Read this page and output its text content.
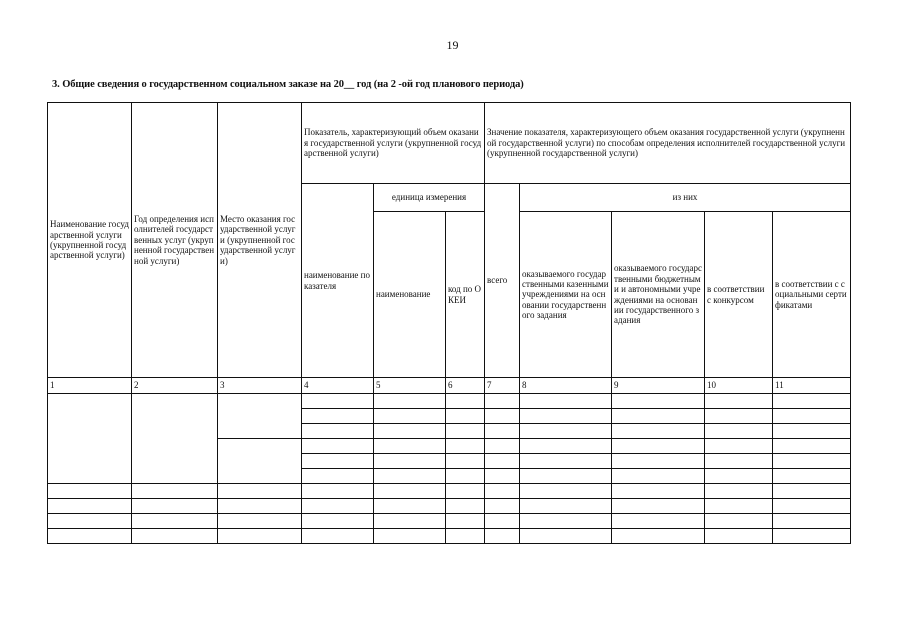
19
3. Общие сведения о государственном социальном заказе на 20__ год (на 2 -ой год планового периода)
Наименование государственной услуги (укрупненной государственной услуги)	Год определения исполнителей государственных услуг (укрупненной государственной услуги)	Место оказания государственной услуги (укрупненной государственной услуги)	Показатель, характеризующий объем оказания государственной услуги (укрупненной государственной услуги)			Значение показателя, характеризующего объем оказания государственной услуги (укрупненной государственной услуги) по способам определения исполнителей государственной услуги (укрупненной государственной услуги)				
			наименование показателя	единица измерения		всего	из них			
				наименование	код по ОКЕИ		оказываемого государственными казенными учреждениями на основании государственного задания	оказываемого государственными бюджетными и автономными учреждениями на основании государственного задания	в соответствии с конкурсом	в соответствии с социальными сертификатами
1	2	3	4	5	6	7	8	9	10	11
